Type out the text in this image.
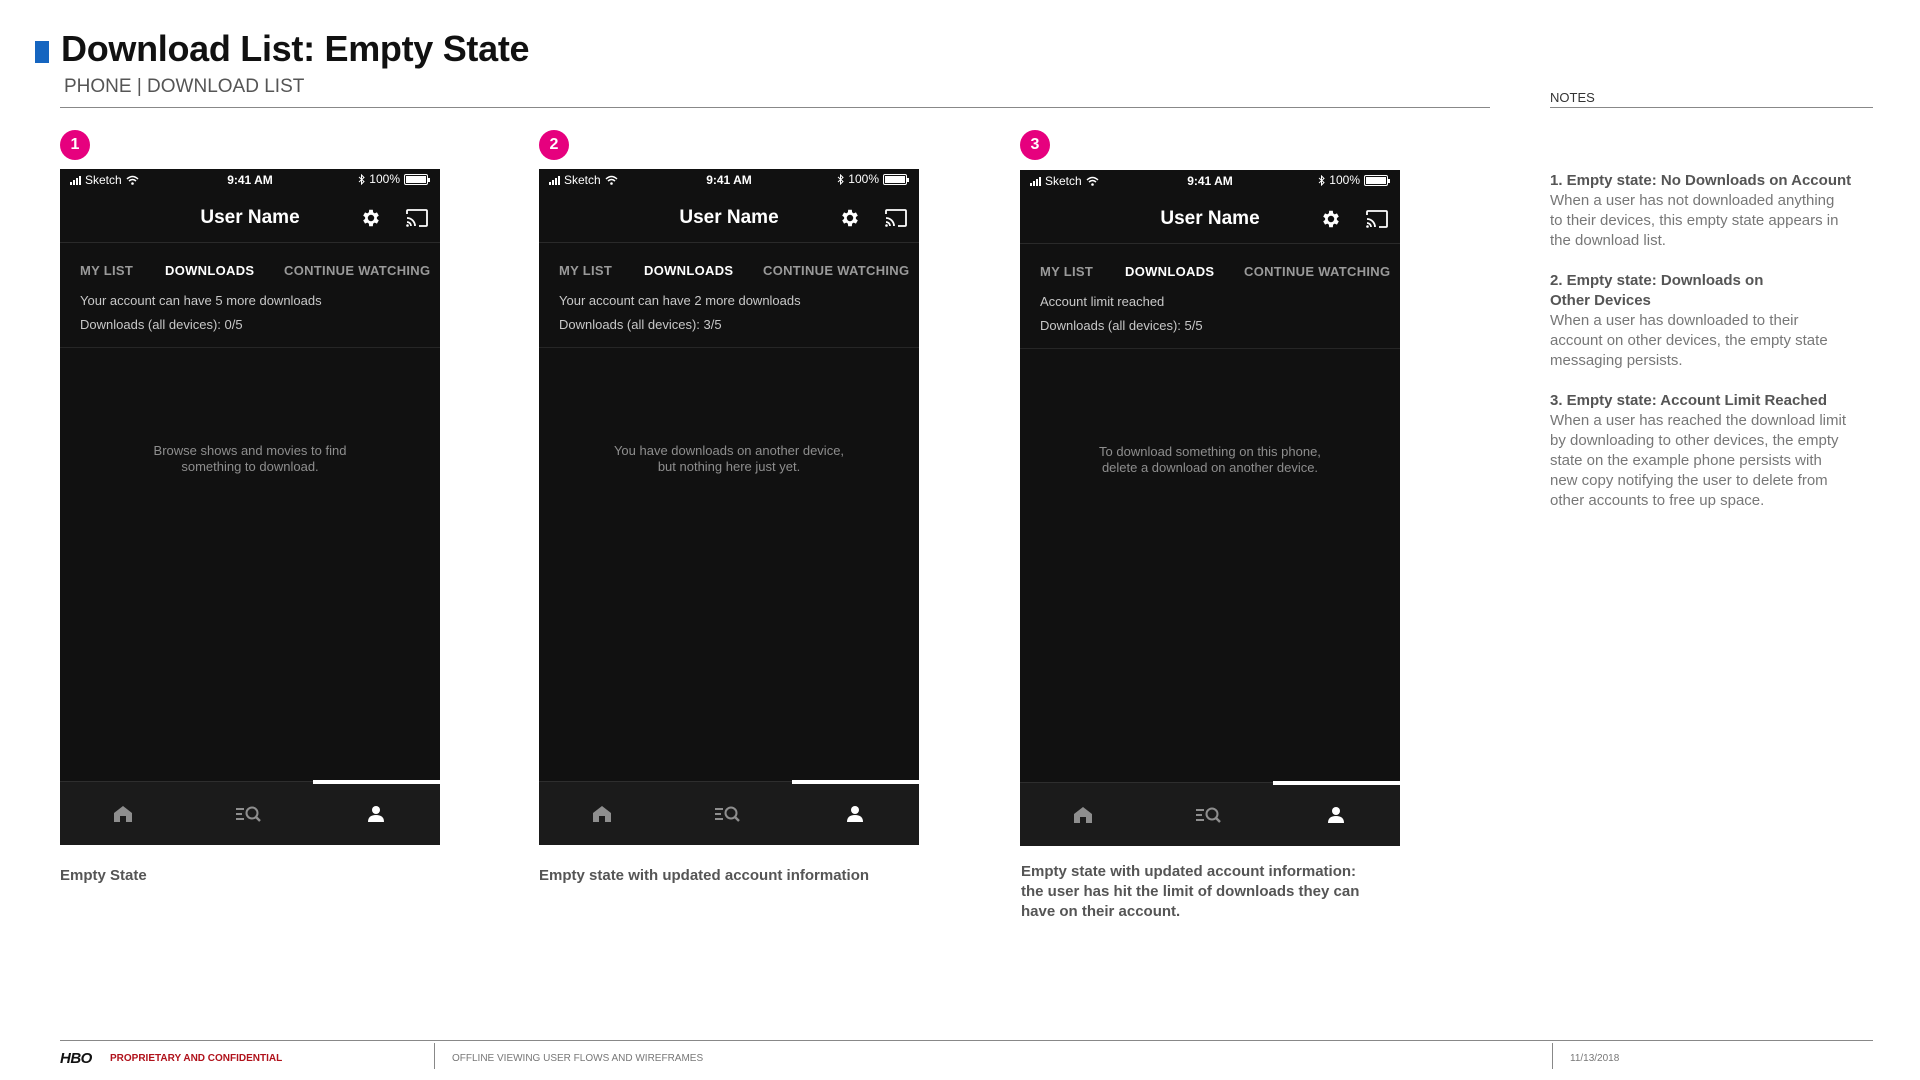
Download List: Empty State
PHONE | DOWNLOAD LIST
NOTES
1
Sketch	9:41 AM	100%
User Name
MY LIST DOWNLOADS CONTINUE WATCHING
Your account can have 5 more downloads
Downloads (all devices): 0/5
Browse shows and movies to find
something to download.
Empty State
2
Sketch	9:41 AM	100%
User Name
MY LIST DOWNLOADS CONTINUE WATCHING
Your account can have 2 more downloads
Downloads (all devices): 3/5
You have downloads on another device,
but nothing here just yet.
Empty state with updated account information
3
Sketch	9:41 AM	100%
User Name
MY LIST DOWNLOADS CONTINUE WATCHING
Account limit reached
Downloads (all devices): 5/5
To download something on this phone,
delete a download on another device.
Empty state with updated account information:
the user has hit the limit of downloads they can
have on their account.
1. Empty state: No Downloads on Account
When a user has not downloaded anything
to their devices, this empty state appears in
the download list.
2. Empty state: Downloads on
Other Devices
When a user has downloaded to their
account on other devices, the empty state
messaging persists.
3. Empty state: Account Limit Reached
When a user has reached the download limit
by downloading to other devices, the empty
state on the example phone persists with
new copy notifying the user to delete from
other accounts to free up space.
HBO PROPRIETARY AND CONFIDENTIAL	OFFLINE VIEWING USER FLOWS AND WIREFRAMES	11/13/2018
